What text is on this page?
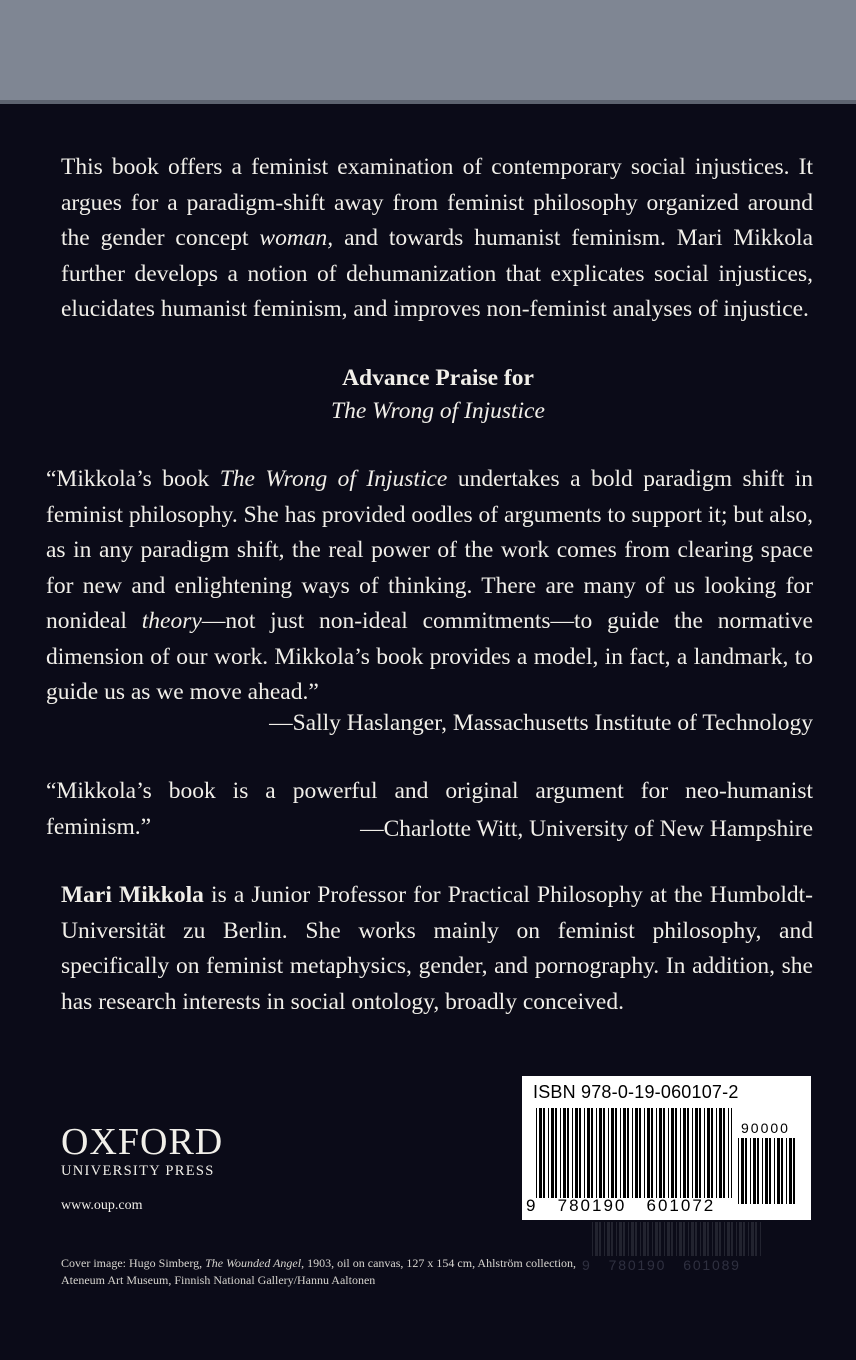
This book offers a feminist examination of contemporary social injustices. It argues for a paradigm-shift away from feminist philosophy organized around the gender concept woman, and towards humanist feminism. Mari Mikkola further develops a notion of dehumanization that explicates social injustices, elucidates humanist feminism, and improves non-feminist analyses of injustice.

Advance Praise for
The Wrong of Injustice

“Mikkola’s book The Wrong of Injustice undertakes a bold paradigm shift in feminist philosophy. She has provided oodles of arguments to support it; but also, as in any paradigm shift, the real power of the work comes from clearing space for new and enlightening ways of thinking. There are many of us looking for nonideal theory—not just non-ideal commitments—to guide the normative dimension of our work. Mikkola’s book provides a model, in fact, a landmark, to guide us as we move ahead.”

—Sally Haslanger, Massachusetts Institute of Technology

“Mikkola’s book is a powerful and original argument for neo-humanist feminism.”	—Charlotte Witt, University of New Hampshire

Mari Mikkola is a Junior Professor for Practical Philosophy at the Humboldt-Universität zu Berlin. She works mainly on feminist philosophy, and specifically on feminist metaphysics, gender, and pornography. In addition, she has research interests in social ontology, broadly conceived.

OXFORD
UNIVERSITY PRESS
www.oup.com
Cover image: Hugo Simberg, The Wounded Angel, 1903, oil on canvas, 127 x 154 cm, Ahlström collection, Ateneum Art Museum, Finnish National Gallery/Hannu Aaltonen
9   780190   601089
ISBN 978-0-19-060107-2
90000
9   780190   601072
